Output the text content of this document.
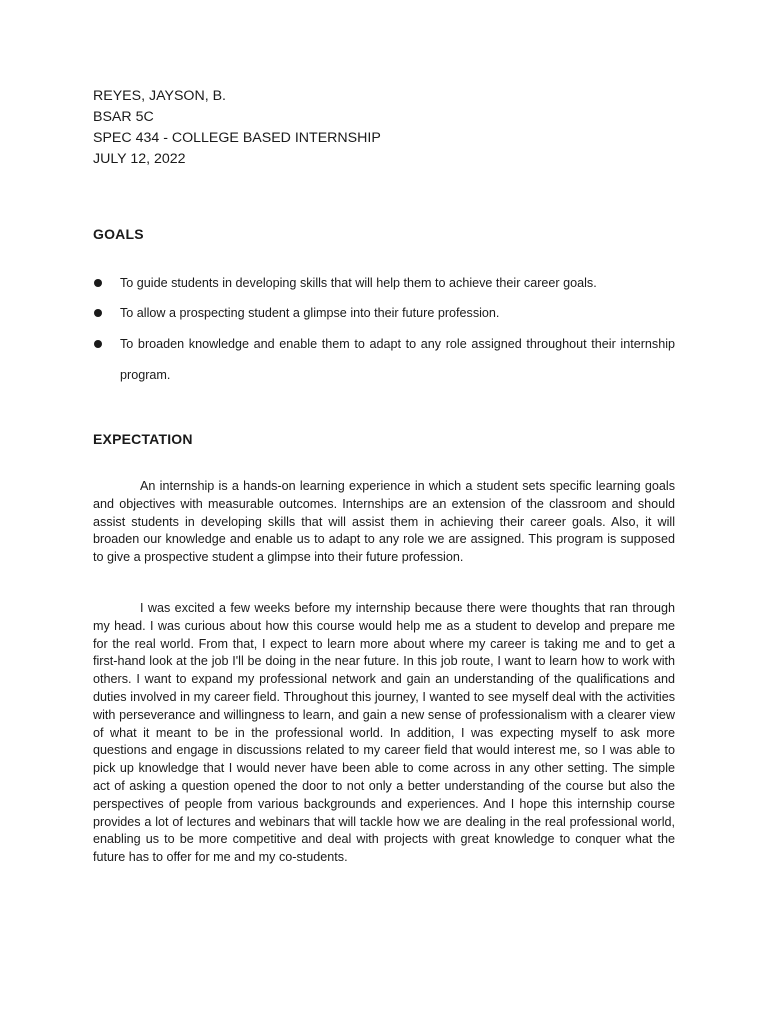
REYES, JAYSON, B.
BSAR 5C
SPEC 434 - COLLEGE BASED INTERNSHIP
JULY 12, 2022
GOALS
To guide students in developing skills that will help them to achieve their career goals.
To allow a prospecting student a glimpse into their future profession.
To broaden knowledge and enable them to adapt to any role assigned throughout their internship program.
EXPECTATION

An internship is a hands-on learning experience in which a student sets specific learning goals and objectives with measurable outcomes. Internships are an extension of the classroom and should assist students in developing skills that will assist them in achieving their career goals. Also, it will broaden our knowledge and enable us to adapt to any role we are assigned. This program is supposed to give a prospective student a glimpse into their future profession.

I was excited a few weeks before my internship because there were thoughts that ran through my head. I was curious about how this course would help me as a student to develop and prepare me for the real world. From that, I expect to learn more about where my career is taking me and to get a first-hand look at the job I'll be doing in the near future. In this job route, I want to learn how to work with others. I want to expand my professional network and gain an understanding of the qualifications and duties involved in my career field. Throughout this journey, I wanted to see myself deal with the activities with perseverance and willingness to learn, and gain a new sense of professionalism with a clearer view of what it meant to be in the professional world. In addition, I was expecting myself to ask more questions and engage in discussions related to my career field that would interest me, so I was able to pick up knowledge that I would never have been able to come across in any other setting. The simple act of asking a question opened the door to not only a better understanding of the course but also the perspectives of people from various backgrounds and experiences. And I hope this internship course provides a lot of lectures and webinars that will tackle how we are dealing in the real professional world, enabling us to be more competitive and deal with projects with great knowledge to conquer what the future has to offer for me and my co-students.
